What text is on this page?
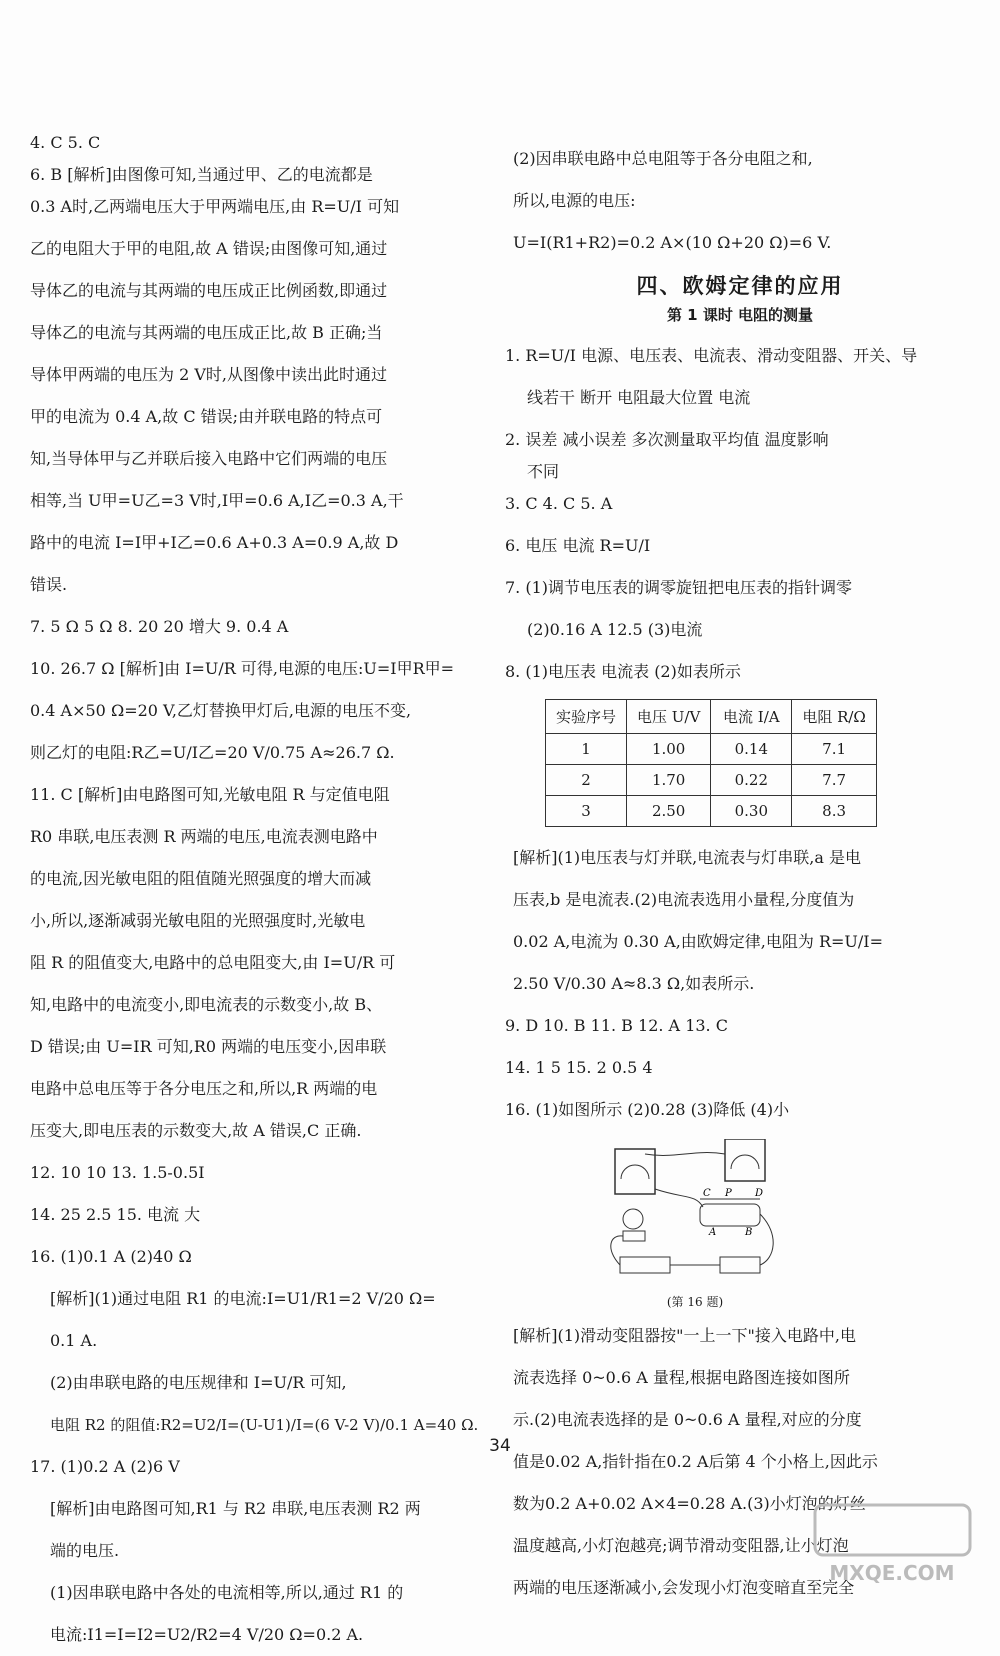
4. C 5. C
6. B [解析]由图像可知,当通过甲、乙的电流都是
0.3 A时,乙两端电压大于甲两端电压,由 R=U/I 可知
乙的电阻大于甲的电阻,故 A 错误;由图像可知,通过
导体乙的电流与其两端的电压成正比例函数,即通过
导体乙的电流与其两端的电压成正比,故 B 正确;当
导体甲两端的电压为 2 V时,从图像中读出此时通过
甲的电流为 0.4 A,故 C 错误;由并联电路的特点可
知,当导体甲与乙并联后接入电路中它们两端的电压
相等,当 U甲=U乙=3 V时,I甲=0.6 A,I乙=0.3 A,干
路中的电流 I=I甲+I乙=0.6 A+0.3 A=0.9 A,故 D
错误.
7. 5 Ω 5 Ω 8. 20 20 增大 9. 0.4 A
10. 26.7 Ω [解析]由 I=U/R 可得,电源的电压:U=I甲R甲=
0.4 A×50 Ω=20 V,乙灯替换甲灯后,电源的电压不变,
则乙灯的电阻:R乙=U/I乙=20 V/0.75 A≈26.7 Ω.
11. C [解析]由电路图可知,光敏电阻 R 与定值电阻
R0 串联,电压表测 R 两端的电压,电流表测电路中
的电流,因光敏电阻的阻值随光照强度的增大而减
小,所以,逐渐减弱光敏电阻的光照强度时,光敏电
阻 R 的阻值变大,电路中的总电阻变大,由 I=U/R 可
知,电路中的电流变小,即电流表的示数变小,故 B、
D 错误;由 U=IR 可知,R0 两端的电压变小,因串联
电路中总电压等于各分电压之和,所以,R 两端的电
压变大,即电压表的示数变大,故 A 错误,C 正确.
12. 10 10 13. 1.5-0.5I
14. 25 2.5 15. 电流 大
16. (1)0.1 A (2)40 Ω
[解析](1)通过电阻 R1 的电流:I=U1/R1=2 V/20 Ω=
0.1 A.
(2)由串联电路的电压规律和 I=U/R 可知,
电阻 R2 的阻值:R2=U2/I=(U-U1)/I=(6 V-2 V)/0.1 A=40 Ω.
17. (1)0.2 A (2)6 V
[解析]由电路图可知,R1 与 R2 串联,电压表测 R2 两
端的电压.
(1)因串联电路中各处的电流相等,所以,通过 R1 的
电流:I1=I=I2=U2/R2=4 V/20 Ω=0.2 A.
(2)因串联电路中总电阻等于各分电阻之和,
所以,电源的电压:
U=I(R1+R2)=0.2 A×(10 Ω+20 Ω)=6 V.
四、欧姆定律的应用
第 1 课时 电阻的测量
1. R=U/I 电源、电压表、电流表、滑动变阻器、开关、导
线若干 断开 电阻最大位置 电流
2. 误差 减小误差 多次测量取平均值 温度影响
不同
3. C 4. C 5. A
6. 电压 电流 R=U/I
7. (1)调节电压表的调零旋钮把电压表的指针调零
(2)0.16 A 12.5 (3)电流
8. (1)电压表 电流表 (2)如表所示
实验序号	电压 U/V	电流 I/A	电阻 R/Ω
1	1.00	0.14	7.1
2	1.70	0.22	7.7
3	2.50	0.30	8.3
[解析](1)电压表与灯并联,电流表与灯串联,a 是电
压表,b 是电流表.(2)电流表选用小量程,分度值为
0.02 A,电流为 0.30 A,由欧姆定律,电阻为 R=U/I=
2.50 V/0.30 A≈8.3 Ω,如表所示.
9. D 10. B 11. B 12. A 13. C
14. 1 5 15. 2 0.5 4
16. (1)如图所示 (2)0.28 (3)降低 (4)小
C P D
A	B
(第 16 题)
[解析](1)滑动变阻器按"一上一下"接入电路中,电
流表选择 0~0.6 A 量程,根据电路图连接如图所
示.(2)电流表选择的是 0~0.6 A 量程,对应的分度
值是0.02 A,指针指在0.2 A后第 4 个小格上,因此示
数为0.2 A+0.02 A×4=0.28 A.(3)小灯泡的灯丝
温度越高,小灯泡越亮;调节滑动变阻器,让小灯泡
两端的电压逐渐减小,会发现小灯泡变暗直至完全
34
MXQE.COM
